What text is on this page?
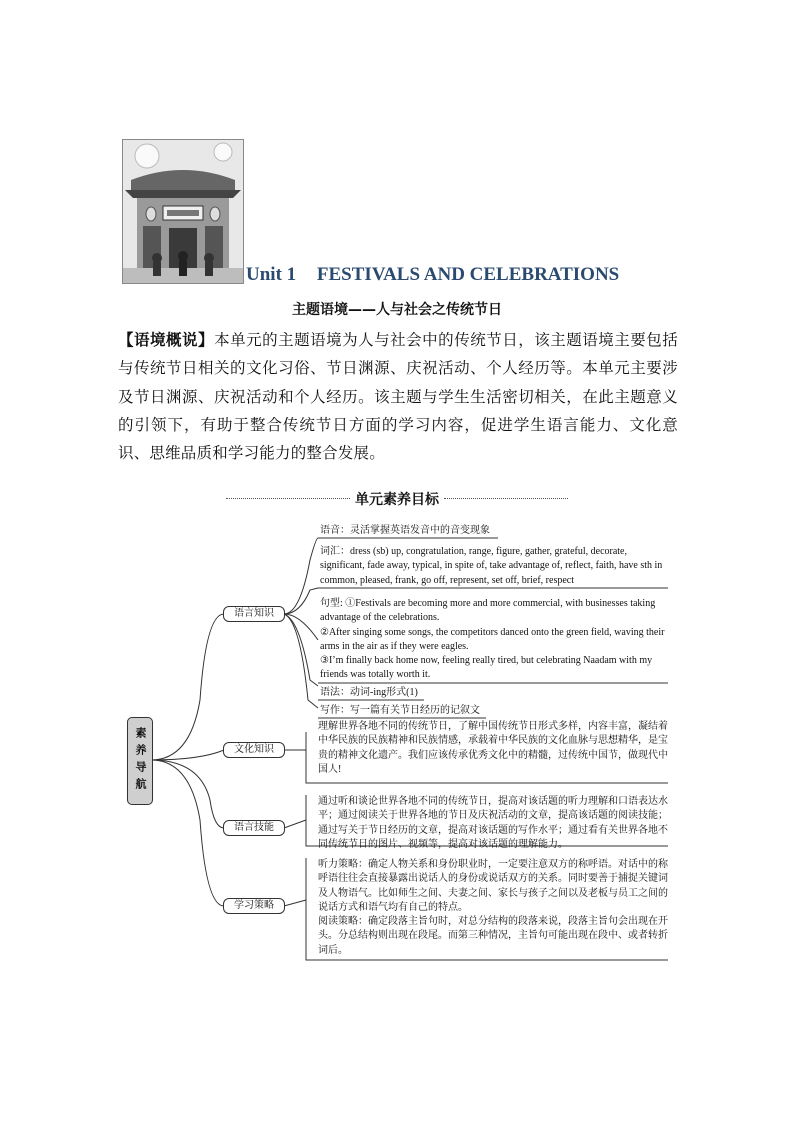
Unit 1 FESTIVALS AND CELEBRATIONS
主题语境——人与社会之传统节日
【语境概说】本单元的主题语境为人与社会中的传统节日，该主题语境主要包括与传统节日相关的文化习俗、节日渊源、庆祝活动、个人经历等。本单元主要涉及节日渊源、庆祝活动和个人经历。该主题与学生生活密切相关，在此主题意义的引领下，有助于整合传统节日方面的学习内容，促进学生语言能力、文化意识、思维品质和学习能力的整合发展。
单元素养目标
素养导航
语言知识
文化知识
语言技能
学习策略
语音：灵活掌握英语发音中的音变现象
词汇：dress (sb) up, congratulation, range, figure, gather, grateful, decorate, significant, fade away, typical, in spite of, take advantage of, reflect, faith, have sth in common, pleased, frank, go off, represent, set off, brief, respect
句型: ①Festivals are becoming more and more commercial, with businesses taking advantage of the celebrations.
②After singing some songs, the competitors danced onto the green field, waving their arms in the air as if they were eagles.
③I’m finally back home now, feeling really tired, but celebrating Naadam with my friends was totally worth it.
语法：动词-ing形式(1)
写作：写一篇有关节日经历的记叙文
理解世界各地不同的传统节日，了解中国传统节日形式多样，内容丰富，凝结着中华民族的民族精神和民族情感，承载着中华民族的文化血脉与思想精华，是宝贵的精神文化遗产。我们应该传承优秀文化中的精髓，过传统中国节，做现代中国人!
通过听和谈论世界各地不同的传统节日，提高对该话题的听力理解和口语表达水平；通过阅读关于世界各地的节日及庆祝活动的文章，提高该话题的阅读技能；通过写关于节日经历的文章，提高对该话题的写作水平；通过看有关世界各地不同传统节日的图片、视频等，提高对该话题的理解能力。
听力策略：确定人物关系和身份职业时，一定要注意双方的称呼语。对话中的称呼语往往会直接暴露出说话人的身份或说话双方的关系。同时要善于捕捉关键词及人物语气。比如师生之间、夫妻之间、家长与孩子之间以及老板与员工之间的说话方式和语气均有自己的特点。
阅读策略：确定段落主旨句时，对总分结构的段落来说，段落主旨句会出现在开头。分总结构则出现在段尾。而第三种情况，主旨句可能出现在段中、或者转折词后。
